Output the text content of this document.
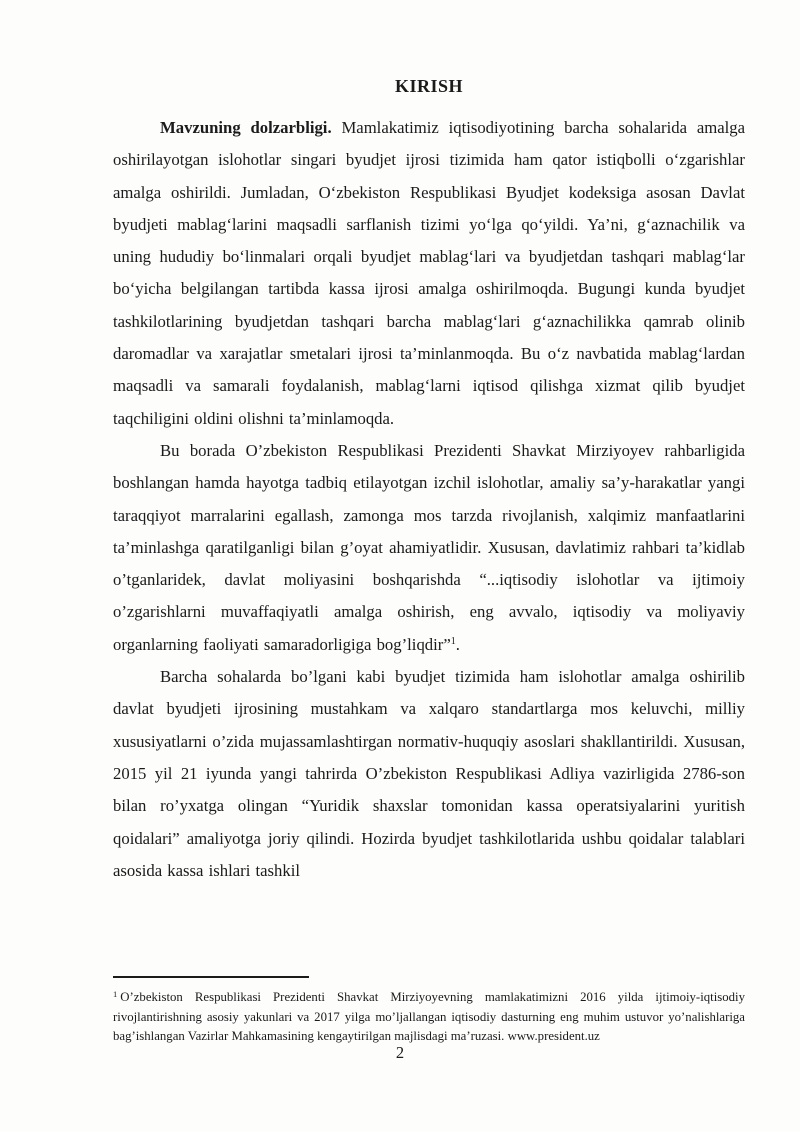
KIRISH

Mavzuning dolzarbligi. Mamlakatimiz iqtisodiyotining barcha sohalarida amalga oshirilayotgan islohotlar singari byudjet ijrosi tizimida ham qator istiqbolli oʻzgarishlar amalga oshirildi. Jumladan, Oʻzbekiston Respublikasi Byudjet kodeksiga asosan Davlat byudjeti mablagʻlarini maqsadli sarflanish tizimi yoʻlga qoʻyildi. Ya’ni, gʻaznachilik va uning hududiy boʻlinmalari orqali byudjet mablagʻlari va byudjetdan tashqari mablagʻlar boʻyicha belgilangan tartibda kassa ijrosi amalga oshirilmoqda. Bugungi kunda byudjet tashkilotlarining byudjetdan tashqari barcha mablagʻlari gʻaznachilikka qamrab olinib daromadlar va xarajatlar smetalari ijrosi ta’minlanmoqda. Bu oʻz navbatida mablagʻlardan maqsadli va samarali foydalanish, mablagʻlarni iqtisod qilishga xizmat qilib byudjet taqchiligini oldini olishni ta’minlamoqda.

Bu borada O’zbekiston Respublikasi Prezidenti Shavkat Mirziyoyev rahbarligida boshlangan hamda hayotga tadbiq etilayotgan izchil islohotlar, amaliy sa’y-harakatlar yangi taraqqiyot marralarini egallash, zamonga mos tarzda rivojlanish, xalqimiz manfaatlarini ta’minlashga qaratilganligi bilan g’oyat ahamiyatlidir. Xususan, davlatimiz rahbari ta’kidlab o’tganlaridek, davlat moliyasini boshqarishda “...iqtisodiy islohotlar va ijtimoiy o’zgarishlarni muvaffaqiyatli amalga oshirish, eng avvalo, iqtisodiy va moliyaviy organlarning faoliyati samaradorligiga bog’liqdir”$^1$.

Barcha sohalarda bo’lgani kabi byudjet tizimida ham islohotlar amalga oshirilib davlat byudjeti ijrosining mustahkam va xalqaro standartlarga mos keluvchi, milliy xususiyatlarni o’zida mujassamlashtirgan normativ-huquqiy asoslari shakllantirildi. Xususan, 2015 yil 21 iyunda yangi tahrirda O’zbekiston Respublikasi Adliya vazirligida 2786-son bilan ro’yxatga olingan “Yuridik shaxslar tomonidan kassa operatsiyalarini yuritish qoidalari” amaliyotga joriy qilindi. Hozirda byudjet tashkilotlarida ushbu qoidalar talablari asosida kassa ishlari tashkil

$^1$ O’zbekiston Respublikasi Prezidenti Shavkat Mirziyoyevning mamlakatimizni 2016 yilda ijtimoiy-iqtisodiy rivojlantirishning asosiy yakunlari va 2017 yilga mo’ljallangan iqtisodiy dasturning eng muhim ustuvor yo’nalishlariga bag’ishlangan Vazirlar Mahkamasining kengaytirilgan majlisdagi ma’ruzasi. www.president.uz

2
